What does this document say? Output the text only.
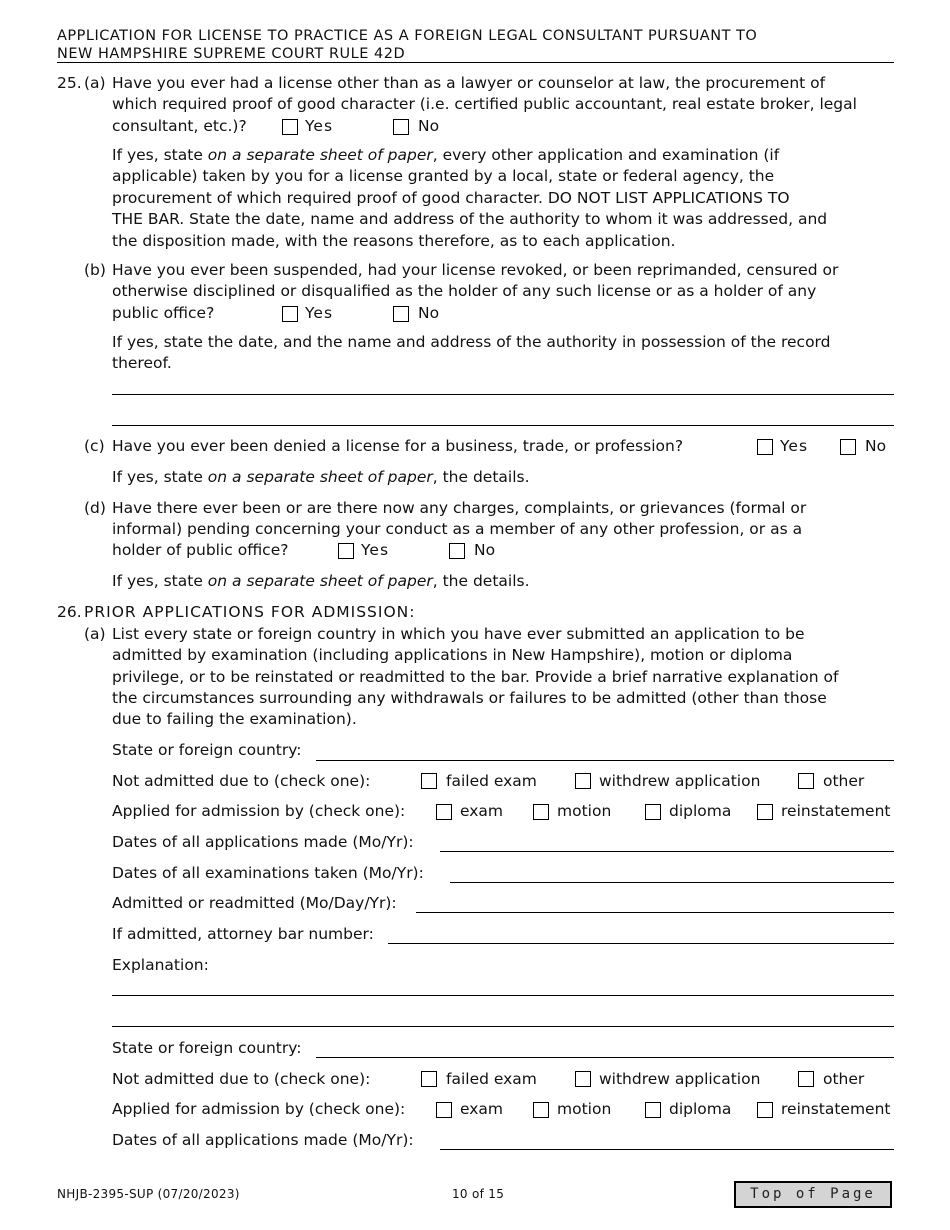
APPLICATION FOR LICENSE TO PRACTICE AS A FOREIGN LEGAL CONSULTANT PURSUANT TO
NEW HAMPSHIRE SUPREME COURT RULE 42D
25. (a) Have you ever had a license other than as a lawyer or counselor at law, the procurement of
which required proof of good character (i.e. certified public accountant, real estate broker, legal
consultant, etc.)?	Yes	No
If yes, state on a separate sheet of paper, every other application and examination (if
applicable) taken by you for a license granted by a local, state or federal agency, the
procurement of which required proof of good character. DO NOT LIST APPLICATIONS TO
THE BAR. State the date, name and address of the authority to whom it was addressed, and
the disposition made, with the reasons therefore, as to each application.
(b) Have you ever been suspended, had your license revoked, or been reprimanded, censured or
otherwise disciplined or disqualified as the holder of any such license or as a holder of any
public office?	Yes	No
If yes, state the date, and the name and address of the authority in possession of the record
thereof.
(c) Have you ever been denied a license for a business, trade, or profession?	Yes	No
If yes, state on a separate sheet of paper, the details.
(d) Have there ever been or are there now any charges, complaints, or grievances (formal or
informal) pending concerning your conduct as a member of any other profession, or as a
holder of public office?	Yes	No
If yes, state on a separate sheet of paper, the details.
26. PRIOR APPLICATIONS FOR ADMISSION:
(a) List every state or foreign country in which you have ever submitted an application to be
admitted by examination (including applications in New Hampshire), motion or diploma
privilege, or to be reinstated or readmitted to the bar. Provide a brief narrative explanation of
the circumstances surrounding any withdrawals or failures to be admitted (other than those
due to failing the examination).
State or foreign country:
Not admitted due to (check one):	failed exam	withdrew application	other
Applied for admission by (check one):	exam	motion	diploma	reinstatement
Dates of all applications made (Mo/Yr):
Dates of all examinations taken (Mo/Yr):
Admitted or readmitted (Mo/Day/Yr):
If admitted, attorney bar number:
Explanation:
State or foreign country:
Not admitted due to (check one):	failed exam	withdrew application	other
Applied for admission by (check one):	exam	motion	diploma	reinstatement
Dates of all applications made (Mo/Yr):
NHJB-2395-SUP (07/20/2023)	10 of 15	Top of Page
